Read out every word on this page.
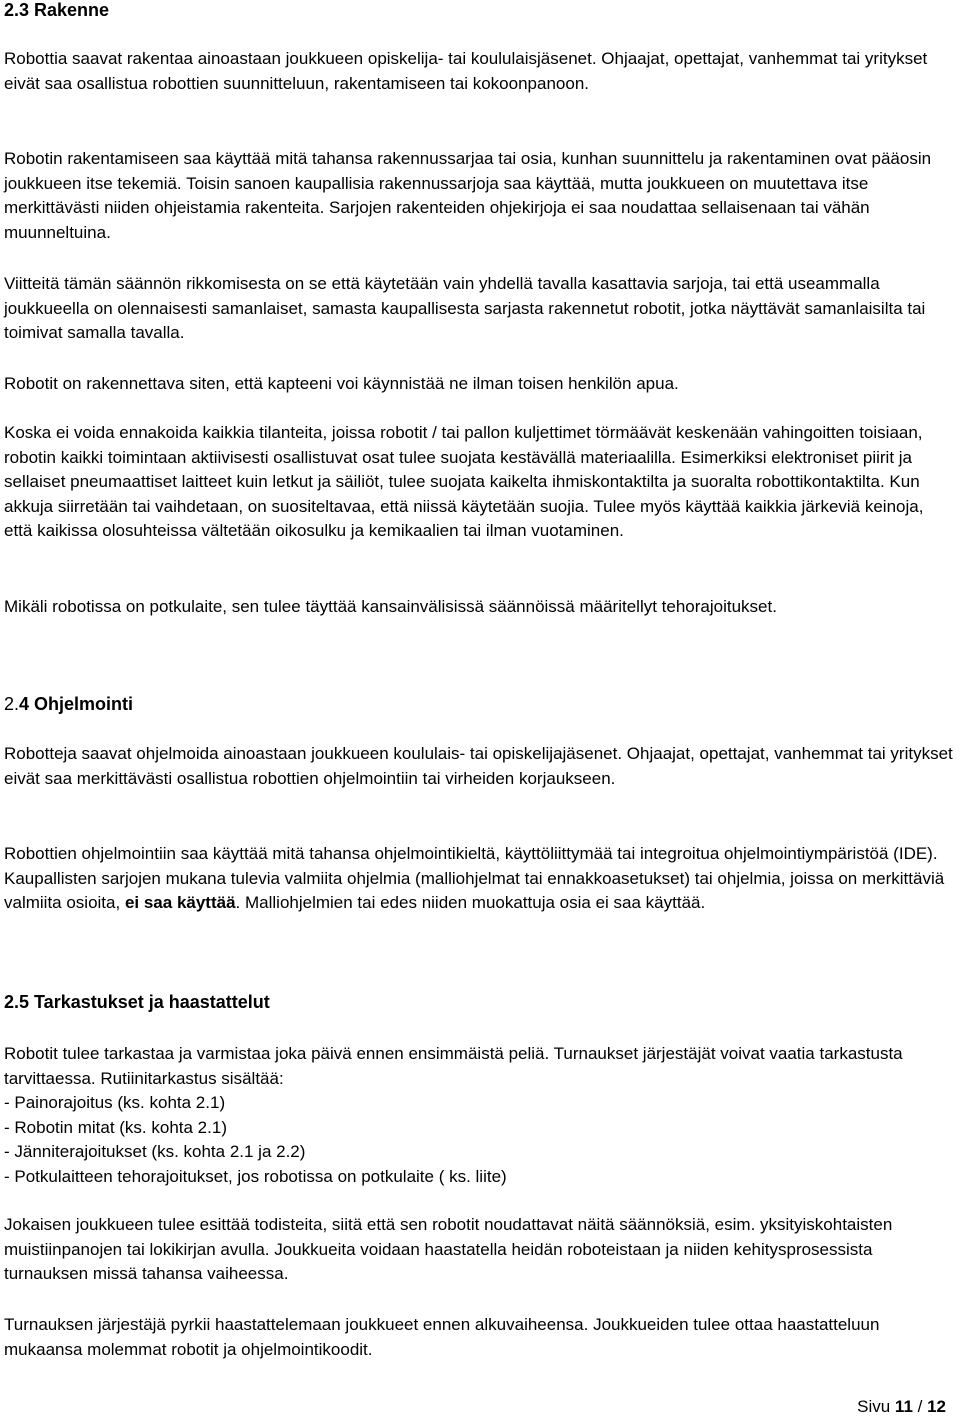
2.3 Rakenne

Robottia saavat rakentaa ainoastaan joukkueen opiskelija- tai koululaisjäsenet. Ohjaajat, opettajat, vanhemmat tai yritykset eivät saa osallistua robottien suunnitteluun, rakentamiseen tai kokoonpanoon.

Robotin rakentamiseen saa käyttää mitä tahansa rakennussarjaa tai osia, kunhan suunnittelu ja rakentaminen ovat pääosin joukkueen itse tekemiä. Toisin sanoen kaupallisia rakennussarjoja saa käyttää, mutta joukkueen on muutettava itse merkittävästi niiden ohjeistamia rakenteita. Sarjojen rakenteiden ohjekirjoja ei saa noudattaa sellaisenaan tai vähän muunneltuina.

Viitteitä tämän säännön rikkomisesta on se että käytetään vain yhdellä tavalla kasattavia sarjoja, tai että useammalla joukkueella on olennaisesti samanlaiset, samasta kaupallisesta sarjasta rakennetut robotit, jotka näyttävät samanlaisilta tai toimivat samalla tavalla.

Robotit on rakennettava siten, että kapteeni voi käynnistää ne ilman toisen henkilön apua.

Koska ei voida ennakoida kaikkia tilanteita, joissa robotit / tai pallon kuljettimet törmäävät keskenään vahingoitten toisiaan, robotin kaikki toimintaan aktiivisesti osallistuvat osat tulee suojata kestävällä materiaalilla. Esimerkiksi elektroniset piirit ja sellaiset pneumaattiset laitteet kuin letkut ja säiliöt, tulee suojata kaikelta ihmiskontaktilta ja suoralta robottikontaktilta. Kun akkuja siirretään tai vaihdetaan, on suositeltavaa, että niissä käytetään suojia. Tulee myös käyttää kaikkia järkeviä keinoja, että kaikissa olosuhteissa vältetään oikosulku ja kemikaalien tai ilman vuotaminen.

Mikäli robotissa on potkulaite, sen tulee täyttää kansainvälisissä säännöissä määritellyt tehorajoitukset.

2.4 Ohjelmointi

Robotteja saavat ohjelmoida ainoastaan joukkueen koululais- tai opiskelijajäsenet. Ohjaajat, opettajat, vanhemmat tai yritykset eivät saa merkittävästi osallistua robottien ohjelmointiin tai virheiden korjaukseen.

Robottien ohjelmointiin saa käyttää mitä tahansa ohjelmointikieltä, käyttöliittymää tai integroitua ohjelmointiympäristöä (IDE). Kaupallisten sarjojen mukana tulevia valmiita ohjelmia (malliohjelmat tai ennakkoasetukset) tai ohjelmia, joissa on merkittäviä valmiita osioita, ei saa käyttää. Malliohjelmien tai edes niiden muokattuja osia ei saa käyttää.

2.5 Tarkastukset ja haastattelut
Robotit tulee tarkastaa ja varmistaa joka päivä ennen ensimmäistä peliä. Turnaukset järjestäjät voivat vaatia tarkastusta tarvittaessa. Rutiinitarkastus sisältää:
- Painorajoitus (ks. kohta 2.1)
- Robotin mitat (ks. kohta 2.1)
- Jänniterajoitukset (ks. kohta 2.1 ja 2.2)
- Potkulaitteen tehorajoitukset, jos robotissa on potkulaite ( ks. liite)

Jokaisen joukkueen tulee esittää todisteita, siitä että sen robotit noudattavat näitä säännöksiä, esim. yksityiskohtaisten muistiinpanojen tai lokikirjan avulla. Joukkueita voidaan haastatella heidän roboteistaan ja niiden kehitysprosessista turnauksen missä tahansa vaiheessa.

Turnauksen järjestäjä pyrkii haastattelemaan joukkueet ennen alkuvaiheensa. Joukkueiden tulee ottaa haastatteluun mukaansa molemmat robotit ja ohjelmointikoodit.

Sivu 11 / 12
